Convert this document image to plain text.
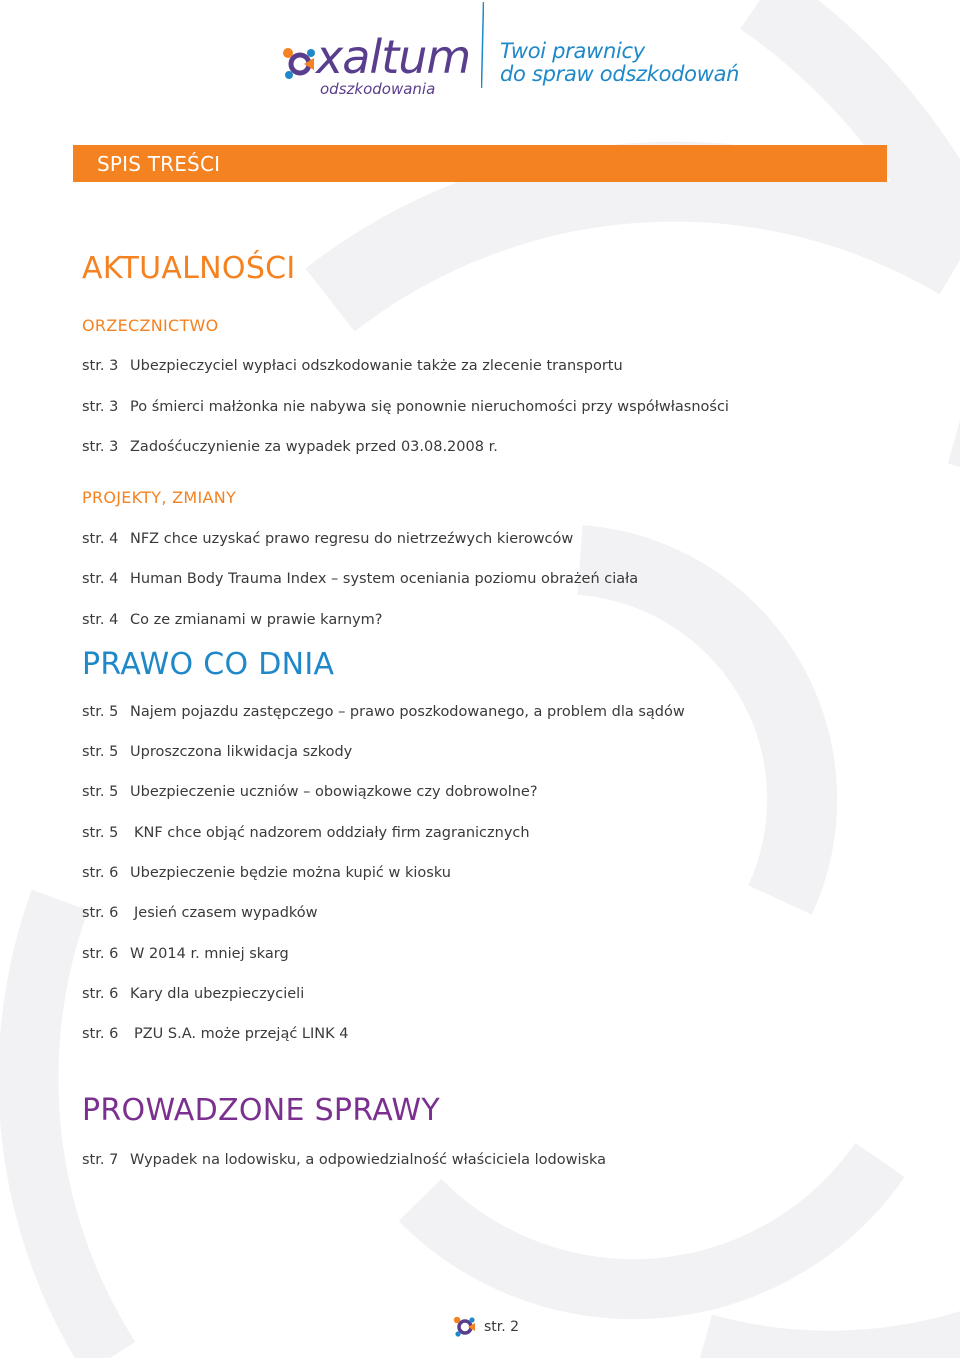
xaltum
odszkodowania
Twoi prawnicy
do spraw odszkodowań
SPIS TREŚCI
AKTUALNOŚCI
ORZECZNICTWO
str. 3 Ubezpieczyciel wypłaci odszkodowanie także za zlecenie transportu
str. 3 Po śmierci małżonka nie nabywa się ponownie nieruchomości przy współwłasności
str. 3 Zadośćuczynienie za wypadek przed 03.08.2008 r.
PROJEKTY, ZMIANY
str. 4 NFZ chce uzyskać prawo regresu do nietrzeźwych kierowców
str. 4 Human Body Trauma Index – system oceniania poziomu obrażeń ciała
str. 4 Co ze zmianami w prawie karnym?
PRAWO CO DNIA
str. 5 Najem pojazdu zastępczego – prawo poszkodowanego, a problem dla sądów
str. 5 Uproszczona likwidacja szkody
str. 5 Ubezpieczenie uczniów – obowiązkowe czy dobrowolne?
str. 5	KNF chce objąć nadzorem oddziały firm zagranicznych
str. 6 Ubezpieczenie będzie można kupić w kiosku
str. 6	Jesień czasem wypadków
str. 6 W 2014 r. mniej skarg
str. 6 Kary dla ubezpieczycieli
str. 6	PZU S.A. może przejąć LINK 4
PROWADZONE SPRAWY
str. 7 Wypadek na lodowisku, a odpowiedzialność właściciela lodowiska
str. 2
